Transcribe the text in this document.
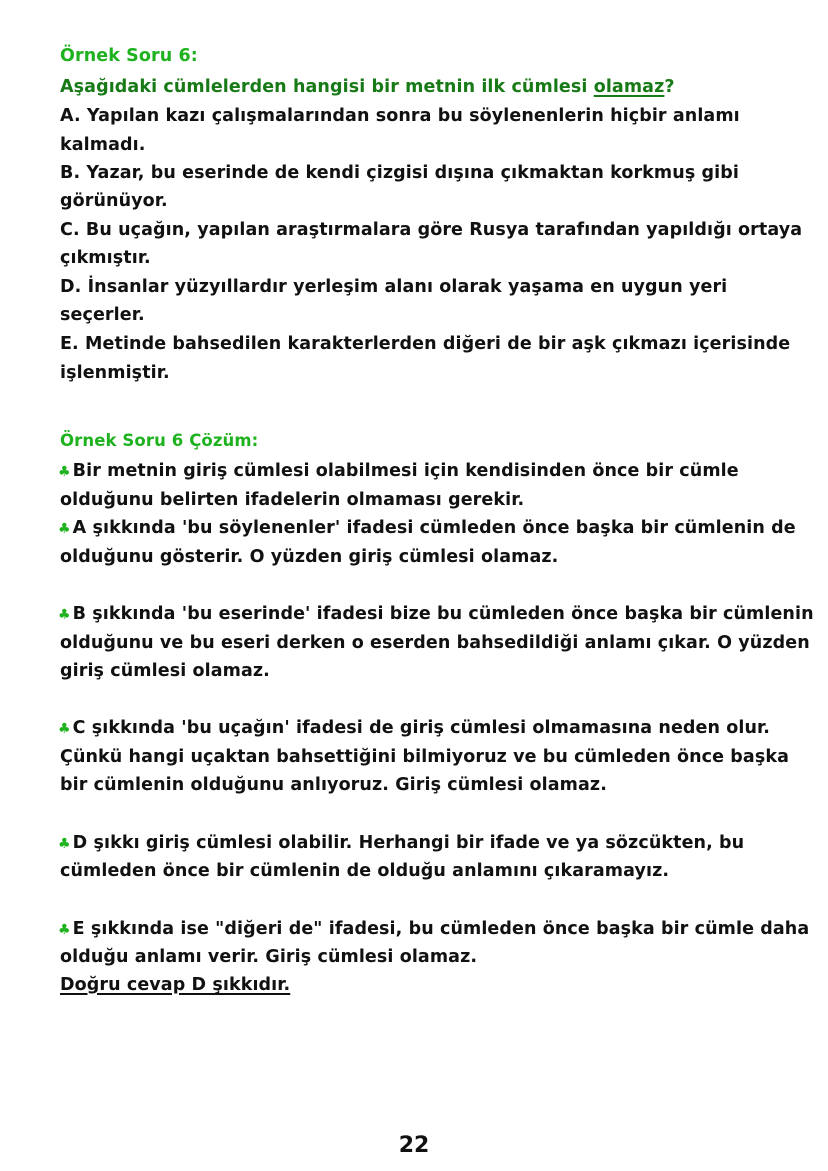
Örnek Soru 6:
Aşağıdaki cümlelerden hangisi bir metnin ilk cümlesi olamaz?
A. Yapılan kazı çalışmalarından sonra bu söylenenlerin hiçbir anlamı
kalmadı.
B. Yazar, bu eserinde de kendi çizgisi dışına çıkmaktan korkmuş gibi
görünüyor.
C. Bu uçağın, yapılan araştırmalara göre Rusya tarafından yapıldığı ortaya
çıkmıştır.
D. İnsanlar yüzyıllardır yerleşim alanı olarak yaşama en uygun yeri
seçerler.
E. Metinde bahsedilen karakterlerden diğeri de bir aşk çıkmazı içerisinde
işlenmiştir.
Örnek Soru 6 Çözüm:
♣ Bir metnin giriş cümlesi olabilmesi için kendisinden önce bir cümle
olduğunu belirten ifadelerin olmaması gerekir.
♣ A şıkkında 'bu söylenenler' ifadesi cümleden önce başka bir cümlenin de
olduğunu gösterir. O yüzden giriş cümlesi olamaz.
♣ B şıkkında 'bu eserinde' ifadesi bize bu cümleden önce başka bir cümlenin
olduğunu ve bu eseri derken o eserden bahsedildiği anlamı çıkar. O yüzden
giriş cümlesi olamaz.
♣ C şıkkında 'bu uçağın' ifadesi de giriş cümlesi olmamasına neden olur.
Çünkü hangi uçaktan bahsettiğini bilmiyoruz ve bu cümleden önce başka
bir cümlenin olduğunu anlıyoruz. Giriş cümlesi olamaz.
♣ D şıkkı giriş cümlesi olabilir. Herhangi bir ifade ve ya sözcükten, bu
cümleden önce bir cümlenin de olduğu anlamını çıkaramayız.
♣ E şıkkında ise "diğeri de" ifadesi, bu cümleden önce başka bir cümle daha
olduğu anlamı verir. Giriş cümlesi olamaz.
Doğru cevap D şıkkıdır.
22
